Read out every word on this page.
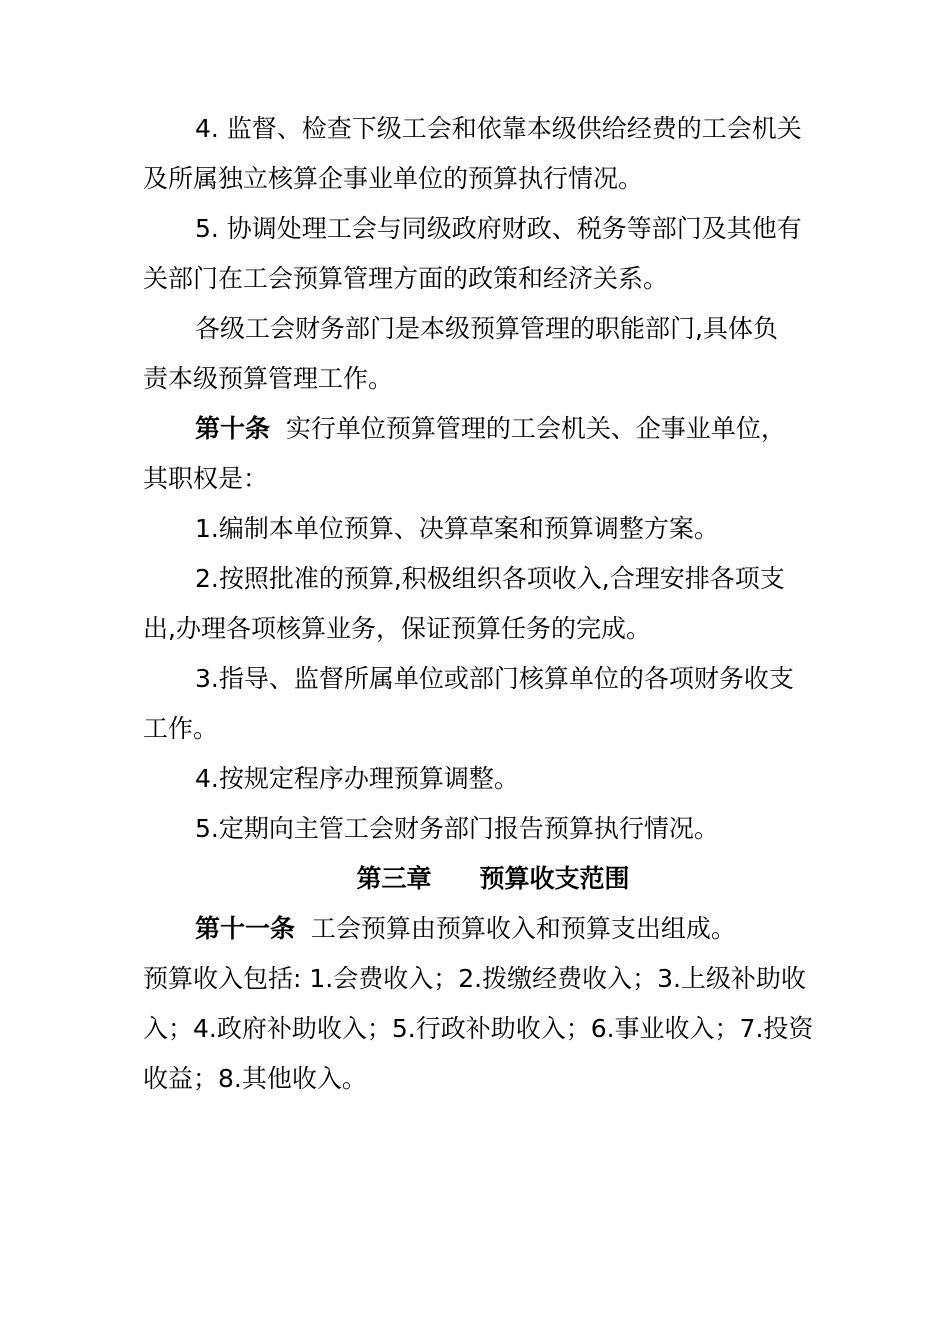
4. 监督、检查下级工会和依靠本级供给经费的工会机关
及所属独立核算企事业单位的预算执行情况。
5. 协调处理工会与同级政府财政、税务等部门及其他有
关部门在工会预算管理方面的政策和经济关系。
各级工会财务部门是本级预算管理的职能部门,具体负
责本级预算管理工作。
第十条 实行单位预算管理的工会机关、企事业单位，
其职权是：
1.编制本单位预算、决算草案和预算调整方案。
2.按照批准的预算,积极组织各项收入,合理安排各项支
出,办理各项核算业务，保证预算任务的完成。
3.指导、监督所属单位或部门核算单位的各项财务收支
工作。
4.按规定程序办理预算调整。
5.定期向主管工会财务部门报告预算执行情况。
第三章 预算收支范围
第十一条 工会预算由预算收入和预算支出组成。
预算收入包括: 1.会费收入；2.拨缴经费收入；3.上级补助收
入；4.政府补助收入；5.行政补助收入；6.事业收入；7.投资
收益；8.其他收入。
